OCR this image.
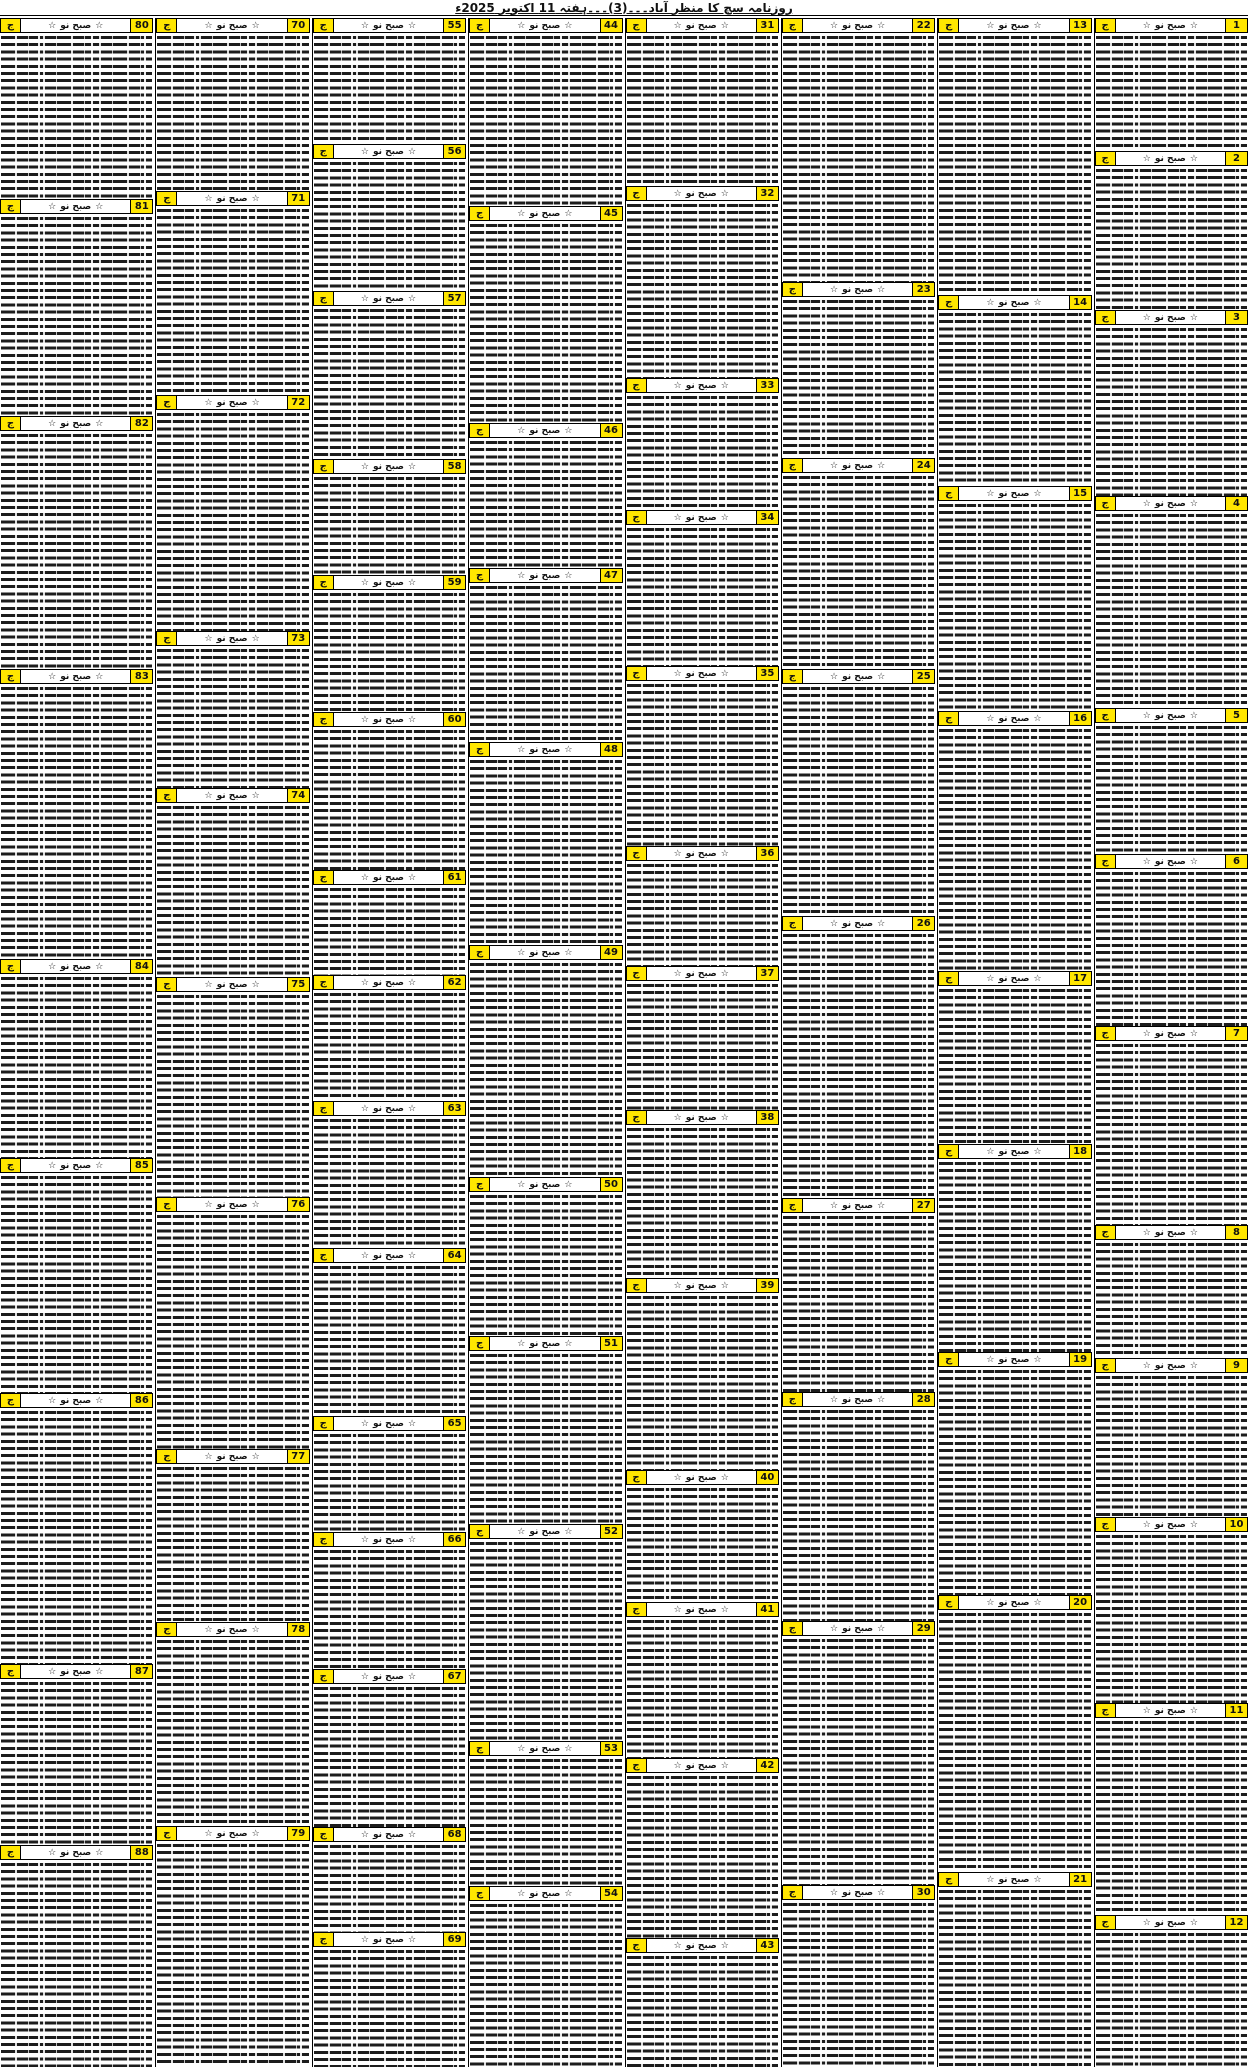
روزنامہ سچ کا منظر آباد۔۔۔(3)۔۔۔ہفتہ 11 اکتوبر 2025ء
1
☆
صبح نو
☆
ج
2
☆
صبح نو
☆
ج
3
☆
صبح نو
☆
ج
4
☆
صبح نو
☆
ج
5
☆
صبح نو
☆
ج
6
☆
صبح نو
☆
ج
7
☆
صبح نو
☆
ج
8
☆
صبح نو
☆
ج
9
☆
صبح نو
☆
ج
10
☆
صبح نو
☆
ج
11
☆
صبح نو
☆
ج
12
☆
صبح نو
☆
ج
13
☆
صبح نو
☆
ج
14
☆
صبح نو
☆
ج
15
☆
صبح نو
☆
ج
16
☆
صبح نو
☆
ج
17
☆
صبح نو
☆
ج
18
☆
صبح نو
☆
ج
19
☆
صبح نو
☆
ج
20
☆
صبح نو
☆
ج
21
☆
صبح نو
☆
ج
22
☆
صبح نو
☆
ج
23
☆
صبح نو
☆
ج
24
☆
صبح نو
☆
ج
25
☆
صبح نو
☆
ج
26
☆
صبح نو
☆
ج
27
☆
صبح نو
☆
ج
28
☆
صبح نو
☆
ج
29
☆
صبح نو
☆
ج
30
☆
صبح نو
☆
ج
31
☆
صبح نو
☆
ج
32
☆
صبح نو
☆
ج
33
☆
صبح نو
☆
ج
34
☆
صبح نو
☆
ج
35
☆
صبح نو
☆
ج
36
☆
صبح نو
☆
ج
37
☆
صبح نو
☆
ج
38
☆
صبح نو
☆
ج
39
☆
صبح نو
☆
ج
40
☆
صبح نو
☆
ج
41
☆
صبح نو
☆
ج
42
☆
صبح نو
☆
ج
43
☆
صبح نو
☆
ج
44
☆
صبح نو
☆
ج
45
☆
صبح نو
☆
ج
46
☆
صبح نو
☆
ج
47
☆
صبح نو
☆
ج
48
☆
صبح نو
☆
ج
49
☆
صبح نو
☆
ج
50
☆
صبح نو
☆
ج
51
☆
صبح نو
☆
ج
52
☆
صبح نو
☆
ج
53
☆
صبح نو
☆
ج
54
☆
صبح نو
☆
ج
55
☆
صبح نو
☆
ج
56
☆
صبح نو
☆
ج
57
☆
صبح نو
☆
ج
58
☆
صبح نو
☆
ج
59
☆
صبح نو
☆
ج
60
☆
صبح نو
☆
ج
61
☆
صبح نو
☆
ج
62
☆
صبح نو
☆
ج
63
☆
صبح نو
☆
ج
64
☆
صبح نو
☆
ج
65
☆
صبح نو
☆
ج
66
☆
صبح نو
☆
ج
67
☆
صبح نو
☆
ج
68
☆
صبح نو
☆
ج
69
☆
صبح نو
☆
ج
70
☆
صبح نو
☆
ج
71
☆
صبح نو
☆
ج
72
☆
صبح نو
☆
ج
73
☆
صبح نو
☆
ج
74
☆
صبح نو
☆
ج
75
☆
صبح نو
☆
ج
76
☆
صبح نو
☆
ج
77
☆
صبح نو
☆
ج
78
☆
صبح نو
☆
ج
79
☆
صبح نو
☆
ج
80
☆
صبح نو
☆
ج
81
☆
صبح نو
☆
ج
82
☆
صبح نو
☆
ج
83
☆
صبح نو
☆
ج
84
☆
صبح نو
☆
ج
85
☆
صبح نو
☆
ج
86
☆
صبح نو
☆
ج
87
☆
صبح نو
☆
ج
88
☆
صبح نو
☆
ج
